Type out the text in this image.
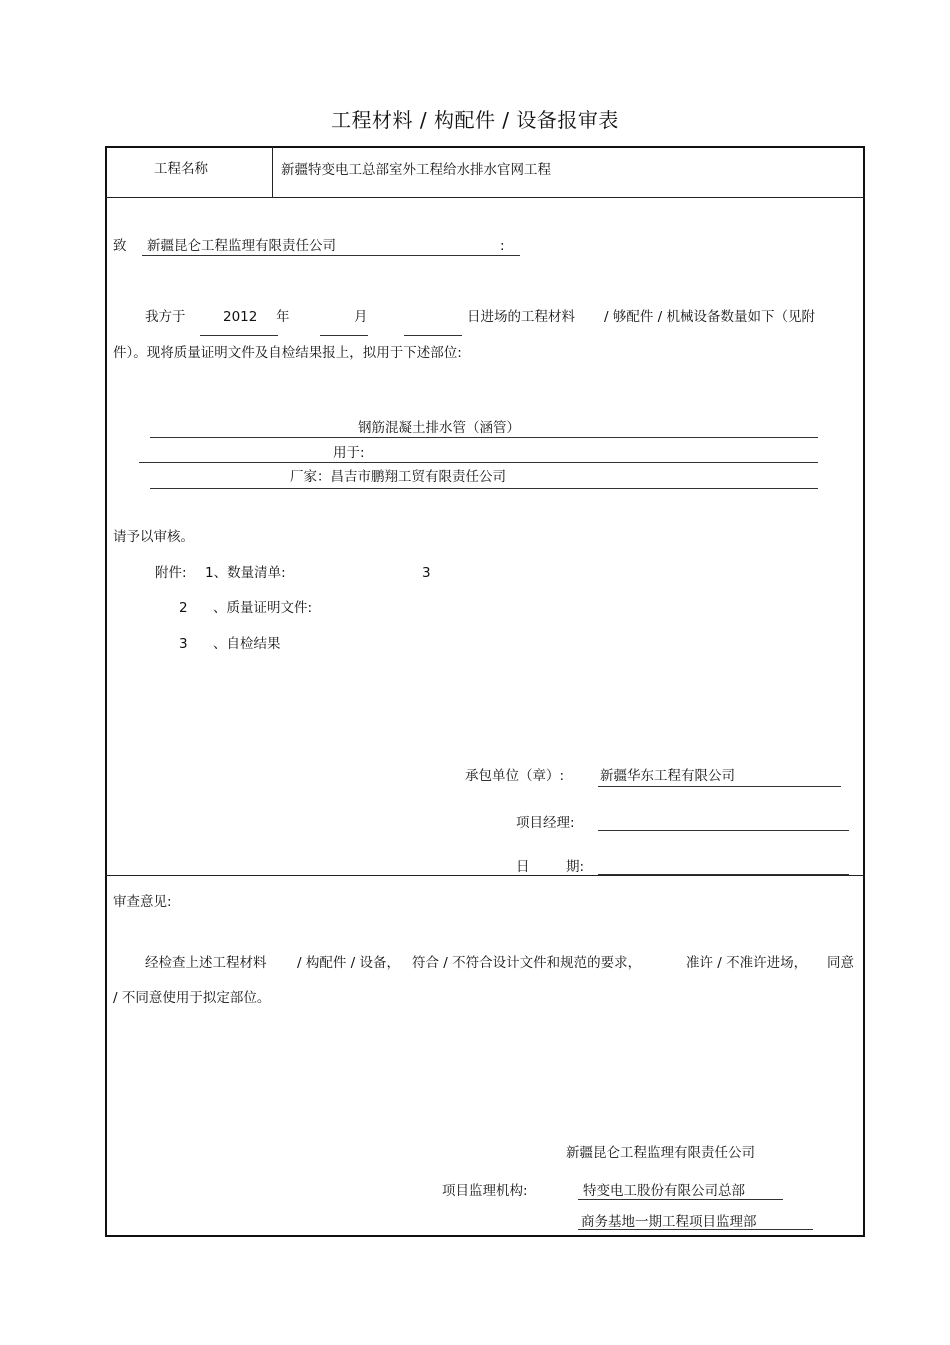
工程材料 / 构配件 / 设备报审表
工程名称	新疆特变电工总部室外工程给水排水官网工程
致 新疆昆仑工程监理有限责任公司	:
我方于	2012 年	月	日进场的工程材料 / 够配件 / 机械设备数量如下（见附
件）。现将质量证明文件及自检结果报上，拟用于下述部位:
钢筋混凝土排水管（涵管）
用于:
厂家：昌吉市鹏翔工贸有限责任公司
请予以审核。
附件: 1、数量清单:	3
2 、质量证明文件:
3 、自检结果
承包单位（章）:	新疆华东工程有限公司
项目经理:
日	期:
审查意见:
经检查上述工程材料 / 构配件 / 设备， 符合 / 不符合设计文件和规范的要求，	准许 / 不准许进场， 同意
/ 不同意使用于拟定部位。
新疆昆仑工程监理有限责任公司
项目监理机构:	特变电工股份有限公司总部
商务基地一期工程项目监理部
